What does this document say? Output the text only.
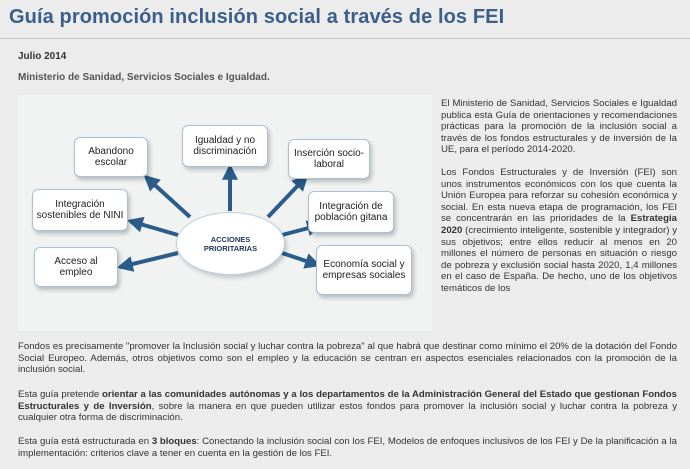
Guía promoción inclusión social a través de los FEI
Julio 2014
Ministerio de Sanidad, Servicios Sociales e Igualdad.
Abandono escolar
Igualdad y no discriminación	Inserción socio-laboral
Integración sostenibles de NINI
Integración de población gitana
Acceso al empleo
Economía social y empresas sociales
ACCIONES PRIORITARIAS

El Ministerio de Sanidad, Servicios Sociales e Igualdad publica esta Guía de orientaciones y recomendaciones prácticas para la promoción de la inclusión social a través de los fondos estructurales y de inversión de la UE, para el período 2014-2020.

Los Fondos Estructurales y de Inversión (FEI) son unos instrumentos económicos con los que cuenta la Unión Europea para reforzar su cohesión económica y social. En esta nueva etapa de programación, los FEI se concentrarán en las prioridades de la Estrategia 2020 (crecimiento inteligente, sostenible y integrador) y sus objetivos; entre ellos reducir al menos en 20 millones el número de personas en situación o riesgo de pobreza y exclusión social hasta 2020, 1,4 millones en el caso de España. De hecho, uno de los objetivos temáticos de los

Fondos es precisamente "promover la Inclusión social y luchar contra la pobreza" al que habrá que destinar como mínimo el 20% de la dotación del Fondo Social Europeo. Además, otros objetivos como son el empleo y la educación se centran en aspectos esenciales relacionados con la promoción de la inclusión social.

Esta guía pretende orientar a las comunidades autónomas y a los departamentos de la Administración General del Estado que gestionan Fondos Estructurales y de Inversión, sobre la manera en que pueden utilizar estos fondos para promover la inclusión social y luchar contra la pobreza y cualquier otra forma de discriminación.

Esta guía está estructurada en 3 bloques: Conectando la inclusión social con los FEI, Modelos de enfoques inclusivos de los FEI y De la planificación a la implementación: criterios clave a tener en cuenta en la gestión de los FEI.
